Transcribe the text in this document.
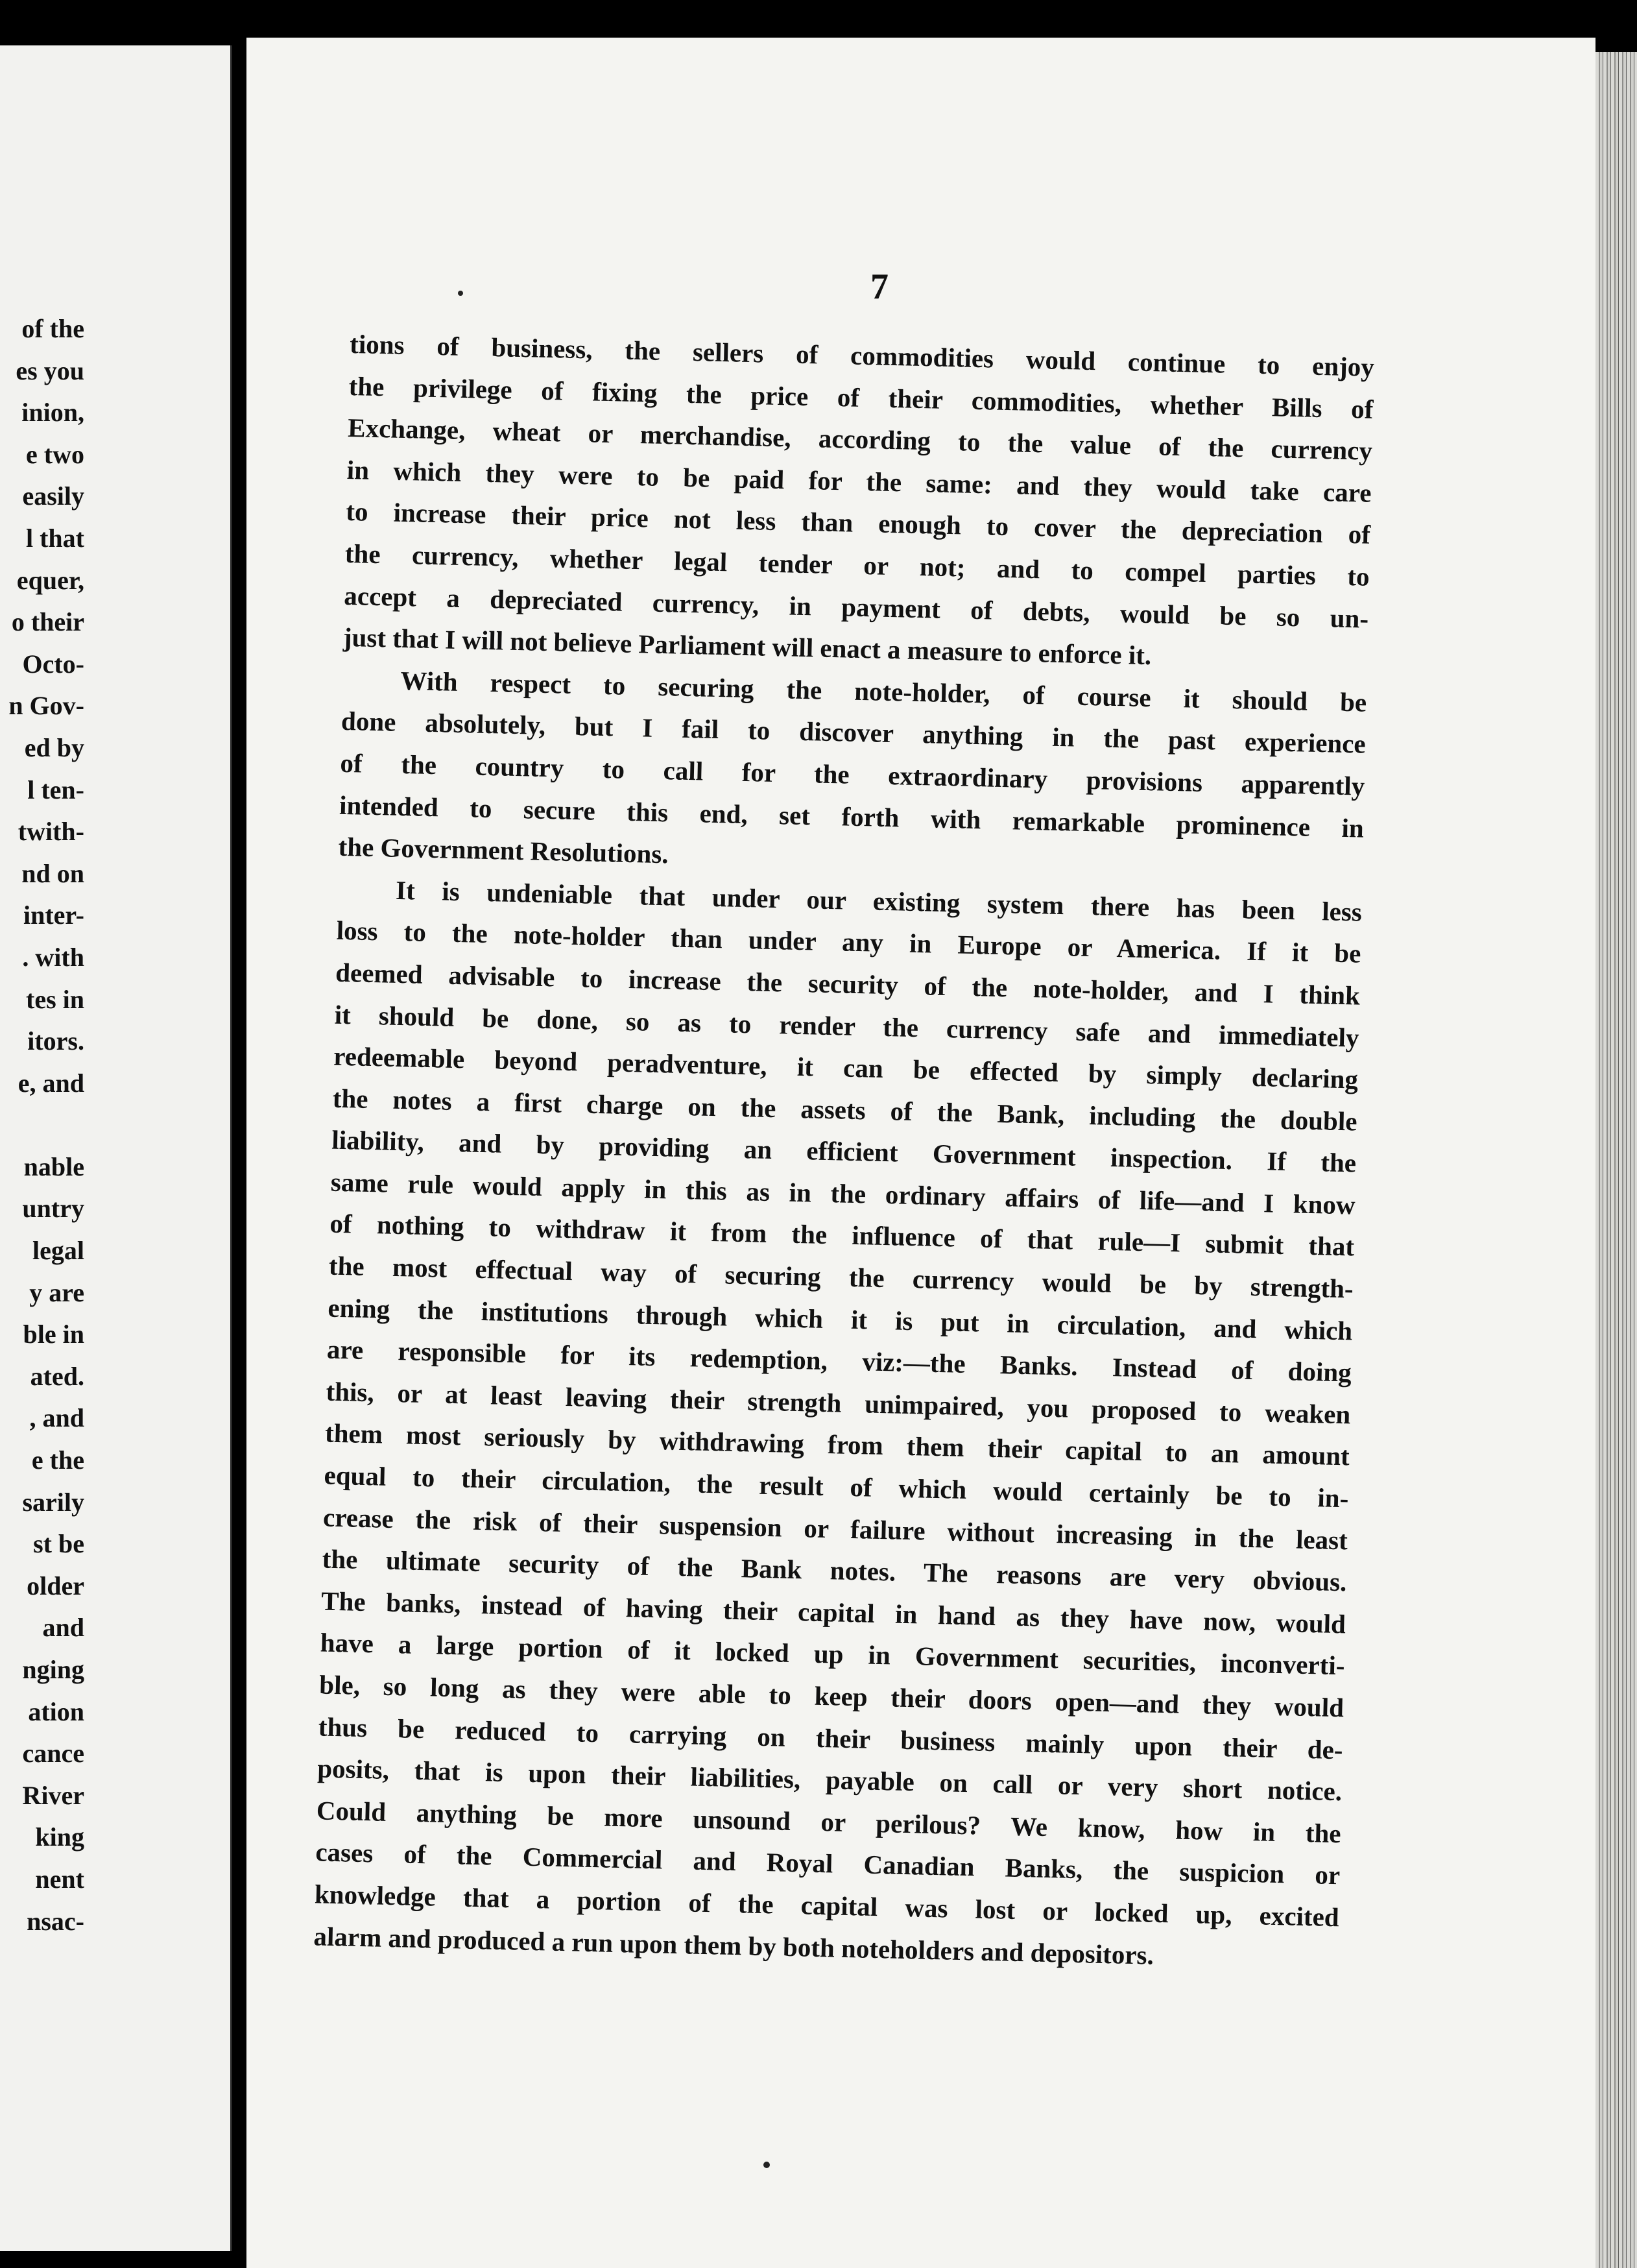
of the
es you
inion,
e two
easily
l that
equer,
o their
Octo-
n Gov-
ed by
l ten-
twith-
nd on
inter-
. with
tes in
itors.
e, and
nable
untry
legal
y are
ble in
ated.
, and
e the
sarily
st be
older
and
nging
ation
cance
River
king
nent
nsac-
7
tions of business, the sellers of commodities would continue to enjoy
the privilege of fixing the price of their commodities, whether Bills of
Exchange, wheat or merchandise, according to the value of the currency
in which they were to be paid for the same: and they would take care
to increase their price not less than enough to cover the depreciation of
the currency, whether legal tender or not; and to compel parties to
accept a depreciated currency, in payment of debts, would be so un-
just that I will not believe Parliament will enact a measure to enforce it.
With respect to securing the note-holder, of course it should be
done absolutely, but I fail to discover anything in the past experience
of the country to call for the extraordinary provisions apparently
intended to secure this end, set forth with remarkable prominence in
the Government Resolutions.
It is undeniable that under our existing system there has been less
loss to the note-holder than under any in Europe or America. If it be
deemed advisable to increase the security of the note-holder, and I think
it should be done, so as to render the currency safe and immediately
redeemable beyond peradventure, it can be effected by simply declaring
the notes a first charge on the assets of the Bank, including the double
liability, and by providing an efficient Government inspection. If the
same rule would apply in this as in the ordinary affairs of life—and I know
of nothing to withdraw it from the influence of that rule—I submit that
the most effectual way of securing the currency would be by strength-
ening the institutions through which it is put in circulation, and which
are responsible for its redemption, viz:—the Banks. Instead of doing
this, or at least leaving their strength unimpaired, you proposed to weaken
them most seriously by withdrawing from them their capital to an amount
equal to their circulation, the result of which would certainly be to in-
crease the risk of their suspension or failure without increasing in the least
the ultimate security of the Bank notes. The reasons are very obvious.
The banks, instead of having their capital in hand as they have now, would
have a large portion of it locked up in Government securities, inconverti-
ble, so long as they were able to keep their doors open—and they would
thus be reduced to carrying on their business mainly upon their de-
posits, that is upon their liabilities, payable on call or very short notice.
Could anything be more unsound or perilous? We know, how in the
cases of the Commercial and Royal Canadian Banks, the suspicion or
knowledge that a portion of the capital was lost or locked up, excited
alarm and produced a run upon them by both noteholders and depositors.
